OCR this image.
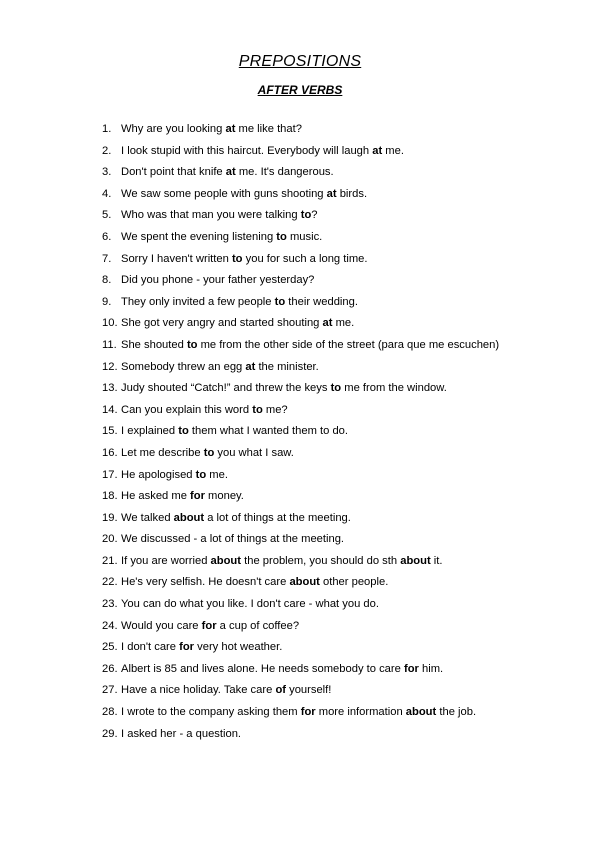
PREPOSITIONS
AFTER VERBS
1. Why are you looking at me like that?
2. I look stupid with this haircut. Everybody will laugh at me.
3. Don't point that knife at me. It's dangerous.
4. We saw some people with guns shooting at birds.
5. Who was that man you were talking to?
6. We spent the evening listening to music.
7. Sorry I haven't written to you for such a long time.
8. Did you phone - your father yesterday?
9. They only invited a few people to their wedding.
10. She got very angry and started shouting at me.
11. She shouted to me from the other side of the street (para que me escuchen)
12. Somebody threw an egg at the minister.
13. Judy shouted “Catch!” and threw the keys to me from the window.
14. Can you explain this word to me?
15. I explained to them what I wanted them to do.
16. Let me describe to you what I saw.
17. He apologised to me.
18. He asked me for money.
19. We talked about a lot of things at the meeting.
20. We discussed - a lot of things at the meeting.
21. If you are worried about the problem, you should do sth about it.
22. He's very selfish. He doesn't care about other people.
23. You can do what you like. I don't care - what you do.
24. Would you care for a cup of coffee?
25. I don't care for very hot weather.
26. Albert is 85 and lives alone. He needs somebody to care for him.
27. Have a nice holiday. Take care of yourself!
28. I wrote to the company asking them for more information about the job.
29. I asked her - a question.
